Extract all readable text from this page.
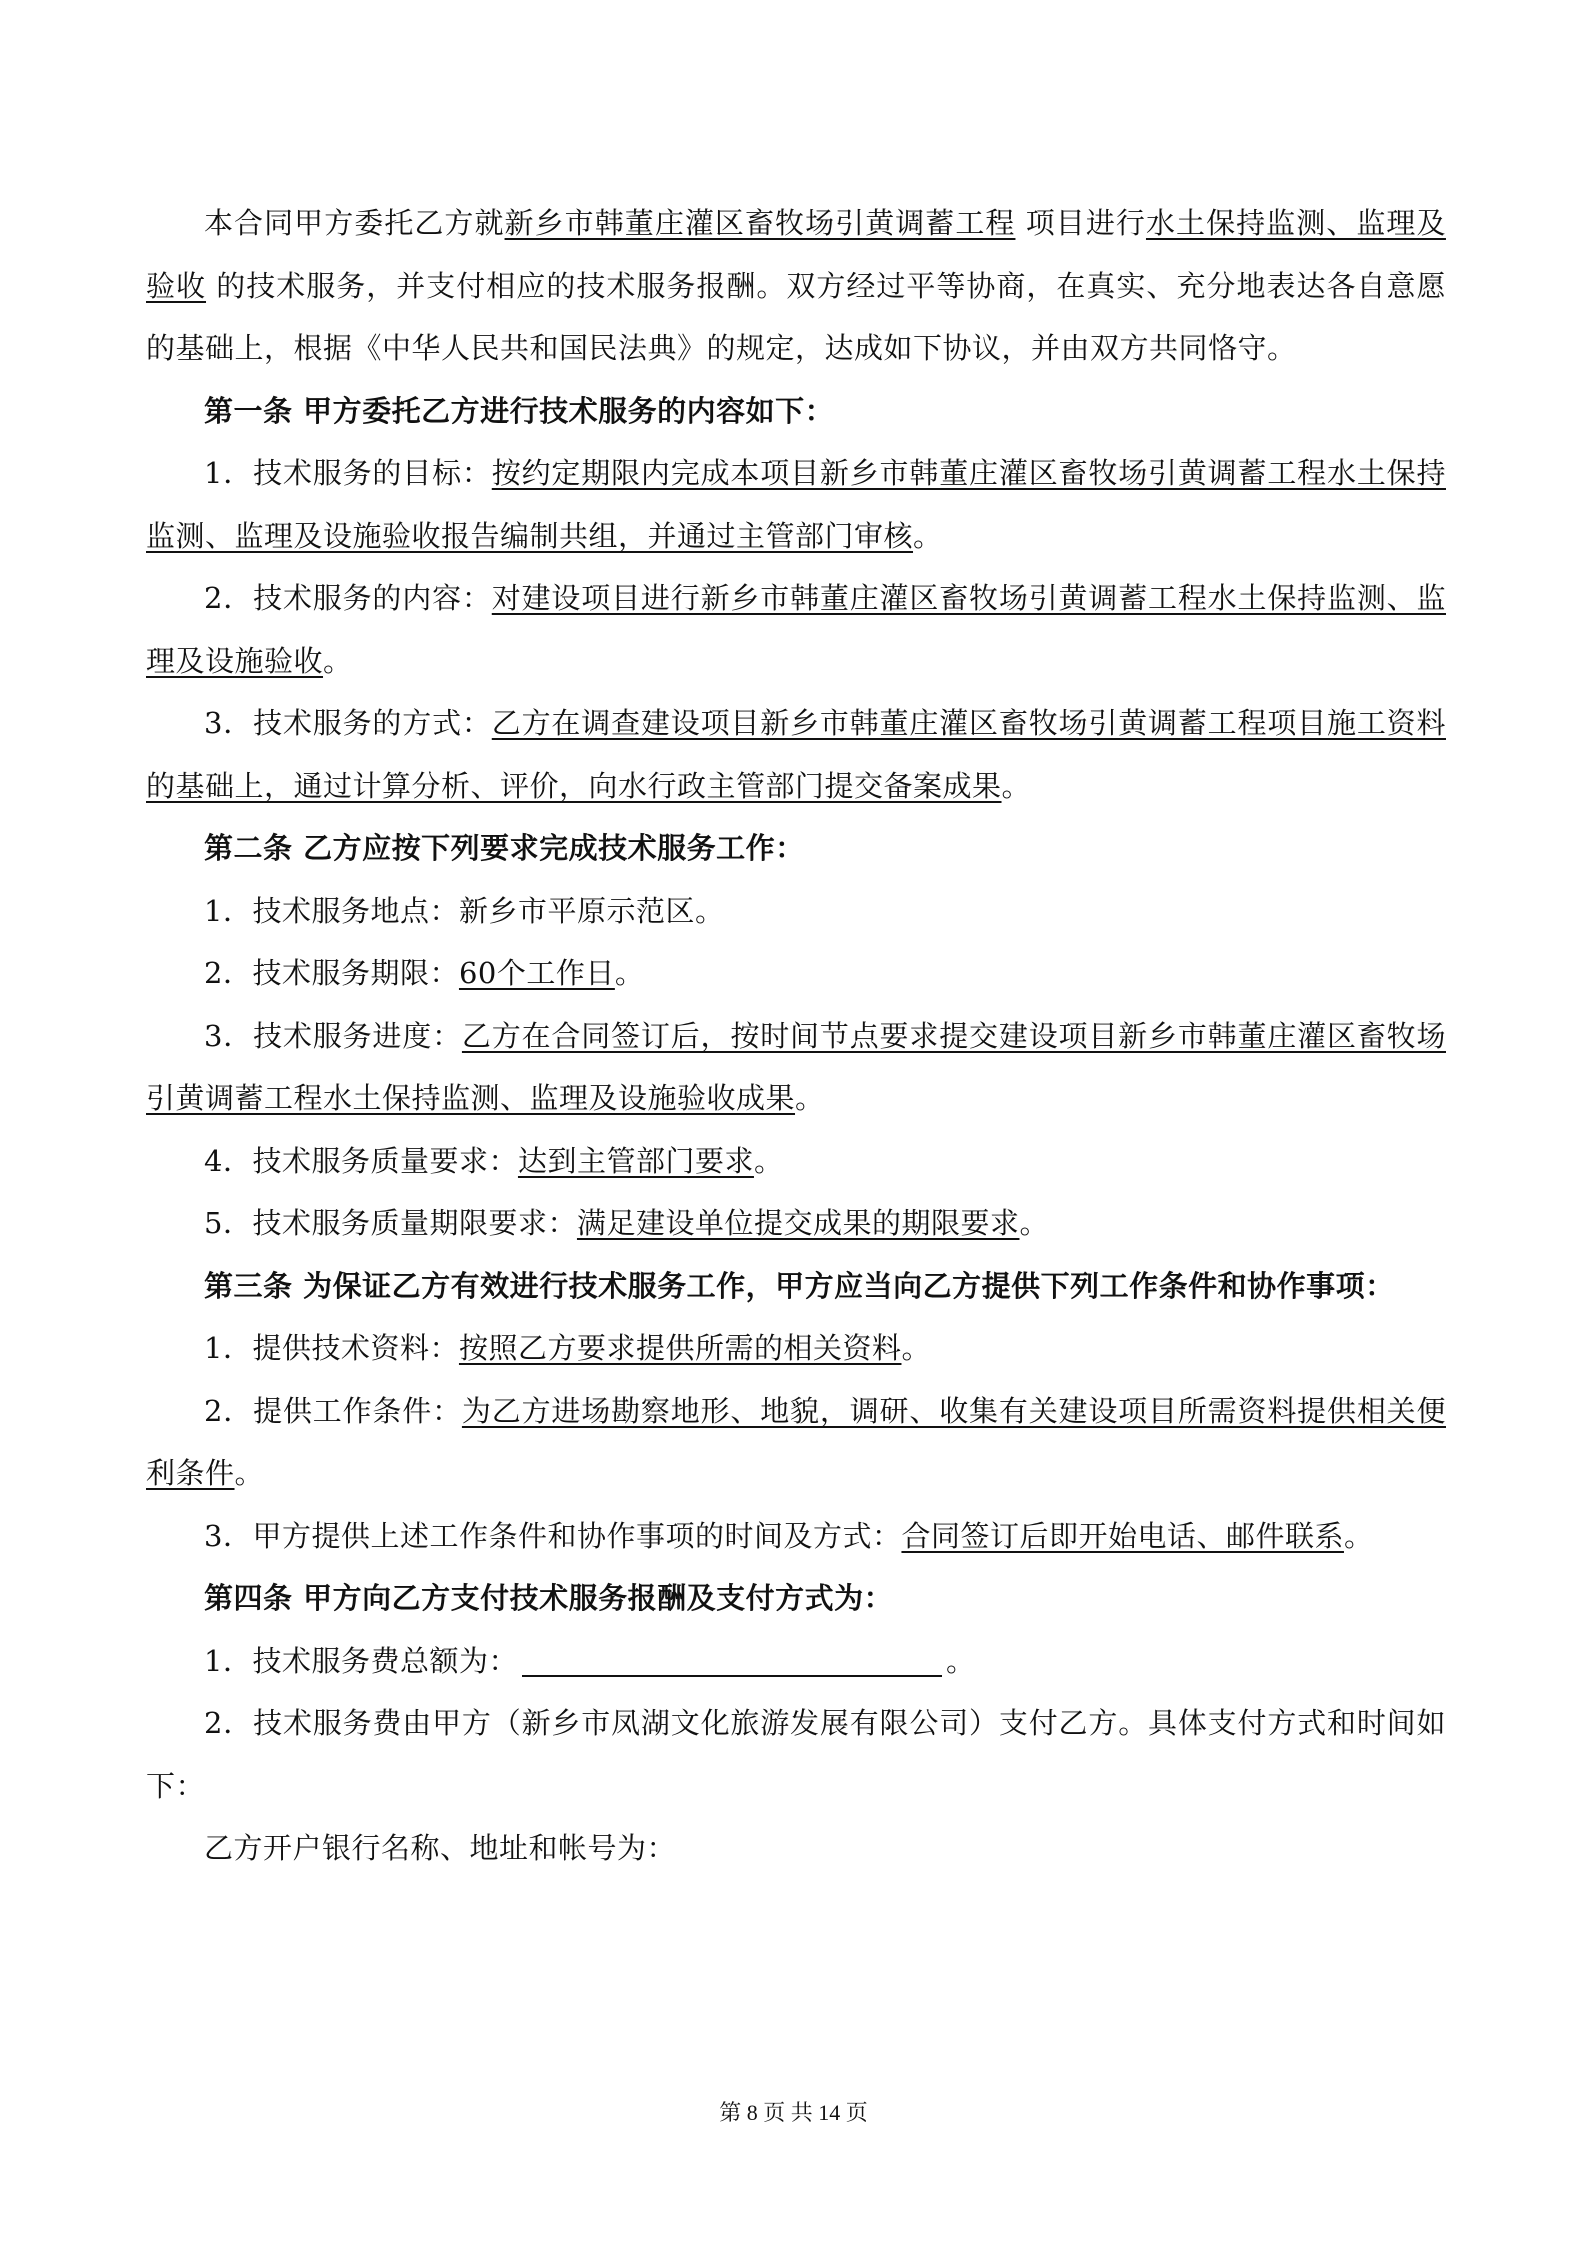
本合同甲方委托乙方就新乡市韩董庄灌区畜牧场引黄调蓄工程 项目进行水土保持监测、监理及验收 的技术服务，并支付相应的技术服务报酬。双方经过平等协商，在真实、充分地表达各自意愿的基础上，根据《中华人民共和国民法典》的规定，达成如下协议，并由双方共同恪守。

第一条 甲方委托乙方进行技术服务的内容如下：

1．技术服务的目标：按约定期限内完成本项目新乡市韩董庄灌区畜牧场引黄调蓄工程水土保持监测、监理及设施验收报告编制共组，并通过主管部门审核。

2．技术服务的内容：对建设项目进行新乡市韩董庄灌区畜牧场引黄调蓄工程水土保持监测、监理及设施验收。

3．技术服务的方式：乙方在调查建设项目新乡市韩董庄灌区畜牧场引黄调蓄工程项目施工资料的基础上，通过计算分析、评价，向水行政主管部门提交备案成果。

第二条 乙方应按下列要求完成技术服务工作：

1．技术服务地点：新乡市平原示范区。

2．技术服务期限：60个工作日。

3．技术服务进度：乙方在合同签订后，按时间节点要求提交建设项目新乡市韩董庄灌区畜牧场引黄调蓄工程水土保持监测、监理及设施验收成果。

4．技术服务质量要求：达到主管部门要求。

5．技术服务质量期限要求：满足建设单位提交成果的期限要求。

第三条 为保证乙方有效进行技术服务工作，甲方应当向乙方提供下列工作条件和协作事项：

1．提供技术资料：按照乙方要求提供所需的相关资料。

2．提供工作条件：为乙方进场勘察地形、地貌，调研、收集有关建设项目所需资料提供相关便利条件。

3．甲方提供上述工作条件和协作事项的时间及方式：合同签订后即开始电话、邮件联系。

第四条 甲方向乙方支付技术服务报酬及支付方式为：

1．技术服务费总额为：	。

2．技术服务费由甲方（新乡市凤湖文化旅游发展有限公司）支付乙方。具体支付方式和时间如下：

乙方开户银行名称、地址和帐号为：

第 8 页 共 14 页
